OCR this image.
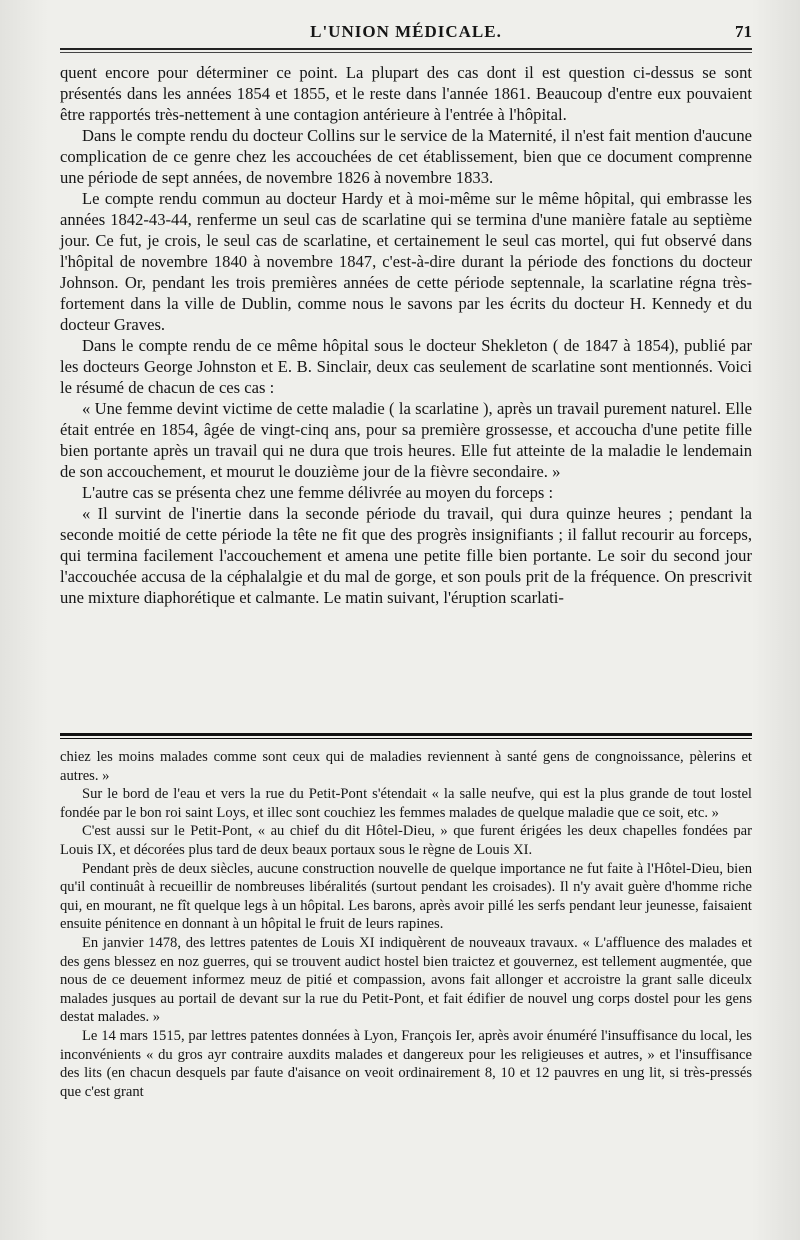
L'UNION MÉDICALE.	71

quent encore pour déterminer ce point. La plupart des cas dont il est question ci-dessus se sont présentés dans les années 1854 et 1855, et le reste dans l'année 1861. Beaucoup d'entre eux pouvaient être rapportés très-nettement à une contagion antérieure à l'entrée à l'hôpital.

Dans le compte rendu du docteur Collins sur le service de la Maternité, il n'est fait mention d'aucune complication de ce genre chez les accouchées de cet établissement, bien que ce document comprenne une période de sept années, de novembre 1826 à novembre 1833.

Le compte rendu commun au docteur Hardy et à moi-même sur le même hôpital, qui embrasse les années 1842-43-44, renferme un seul cas de scarlatine qui se termina d'une manière fatale au septième jour. Ce fut, je crois, le seul cas de scarlatine, et certainement le seul cas mortel, qui fut observé dans l'hôpital de novembre 1840 à novembre 1847, c'est-à-dire durant la période des fonctions du docteur Johnson. Or, pendant les trois premières années de cette période septennale, la scarlatine régna très-fortement dans la ville de Dublin, comme nous le savons par les écrits du docteur H. Kennedy et du docteur Graves.

Dans le compte rendu de ce même hôpital sous le docteur Shekleton ( de 1847 à 1854), publié par les docteurs George Johnston et E. B. Sinclair, deux cas seulement de scarlatine sont mentionnés. Voici le résumé de chacun de ces cas :

« Une femme devint victime de cette maladie ( la scarlatine ), après un travail purement naturel. Elle était entrée en 1854, âgée de vingt-cinq ans, pour sa première grossesse, et accoucha d'une petite fille bien portante après un travail qui ne dura que trois heures. Elle fut atteinte de la maladie le lendemain de son accouchement, et mourut le douzième jour de la fièvre secondaire. »

L'autre cas se présenta chez une femme délivrée au moyen du forceps :

« Il survint de l'inertie dans la seconde période du travail, qui dura quinze heures ; pendant la seconde moitié de cette période la tête ne fit que des progrès insignifiants ; il fallut recourir au forceps, qui termina facilement l'accouchement et amena une petite fille bien portante. Le soir du second jour l'accouchée accusa de la céphalalgie et du mal de gorge, et son pouls prit de la fréquence. On prescrivit une mixture diaphorétique et calmante. Le matin suivant, l'éruption scarlati-

chiez les moins malades comme sont ceux qui de maladies reviennent à santé gens de congnoissance, pèlerins et autres. »

Sur le bord de l'eau et vers la rue du Petit-Pont s'étendait « la salle neufve, qui est la plus grande de tout lostel fondée par le bon roi saint Loys, et illec sont couchiez les femmes malades de quelque maladie que ce soit, etc. »

C'est aussi sur le Petit-Pont, « au chief du dit Hôtel-Dieu, » que furent érigées les deux chapelles fondées par Louis IX, et décorées plus tard de deux beaux portaux sous le règne de Louis XI.

Pendant près de deux siècles, aucune construction nouvelle de quelque importance ne fut faite à l'Hôtel-Dieu, bien qu'il continuât à recueillir de nombreuses libéralités (surtout pendant les croisades). Il n'y avait guère d'homme riche qui, en mourant, ne fît quelque legs à un hôpital. Les barons, après avoir pillé les serfs pendant leur jeunesse, faisaient ensuite pénitence en donnant à un hôpital le fruit de leurs rapines.

En janvier 1478, des lettres patentes de Louis XI indiquèrent de nouveaux travaux. « L'affluence des malades et des gens blessez en noz guerres, qui se trouvent audict hostel bien traictez et gouvernez, est tellement augmentée, que nous de ce deuement informez meuz de pitié et compassion, avons fait allonger et accroistre la grant salle diceulx malades jusques au portail de devant sur la rue du Petit-Pont, et fait édifier de nouvel ung corps dostel pour les gens destat malades. »

Le 14 mars 1515, par lettres patentes données à Lyon, François Ier, après avoir énuméré l'insuffisance du local, les inconvénients « du gros ayr contraire auxdits malades et dangereux pour les religieuses et autres, » et l'insuffisance des lits (en chacun desquels par faute d'aisance on veoit ordinairement 8, 10 et 12 pauvres en ung lit, si très-pressés que c'est grant
